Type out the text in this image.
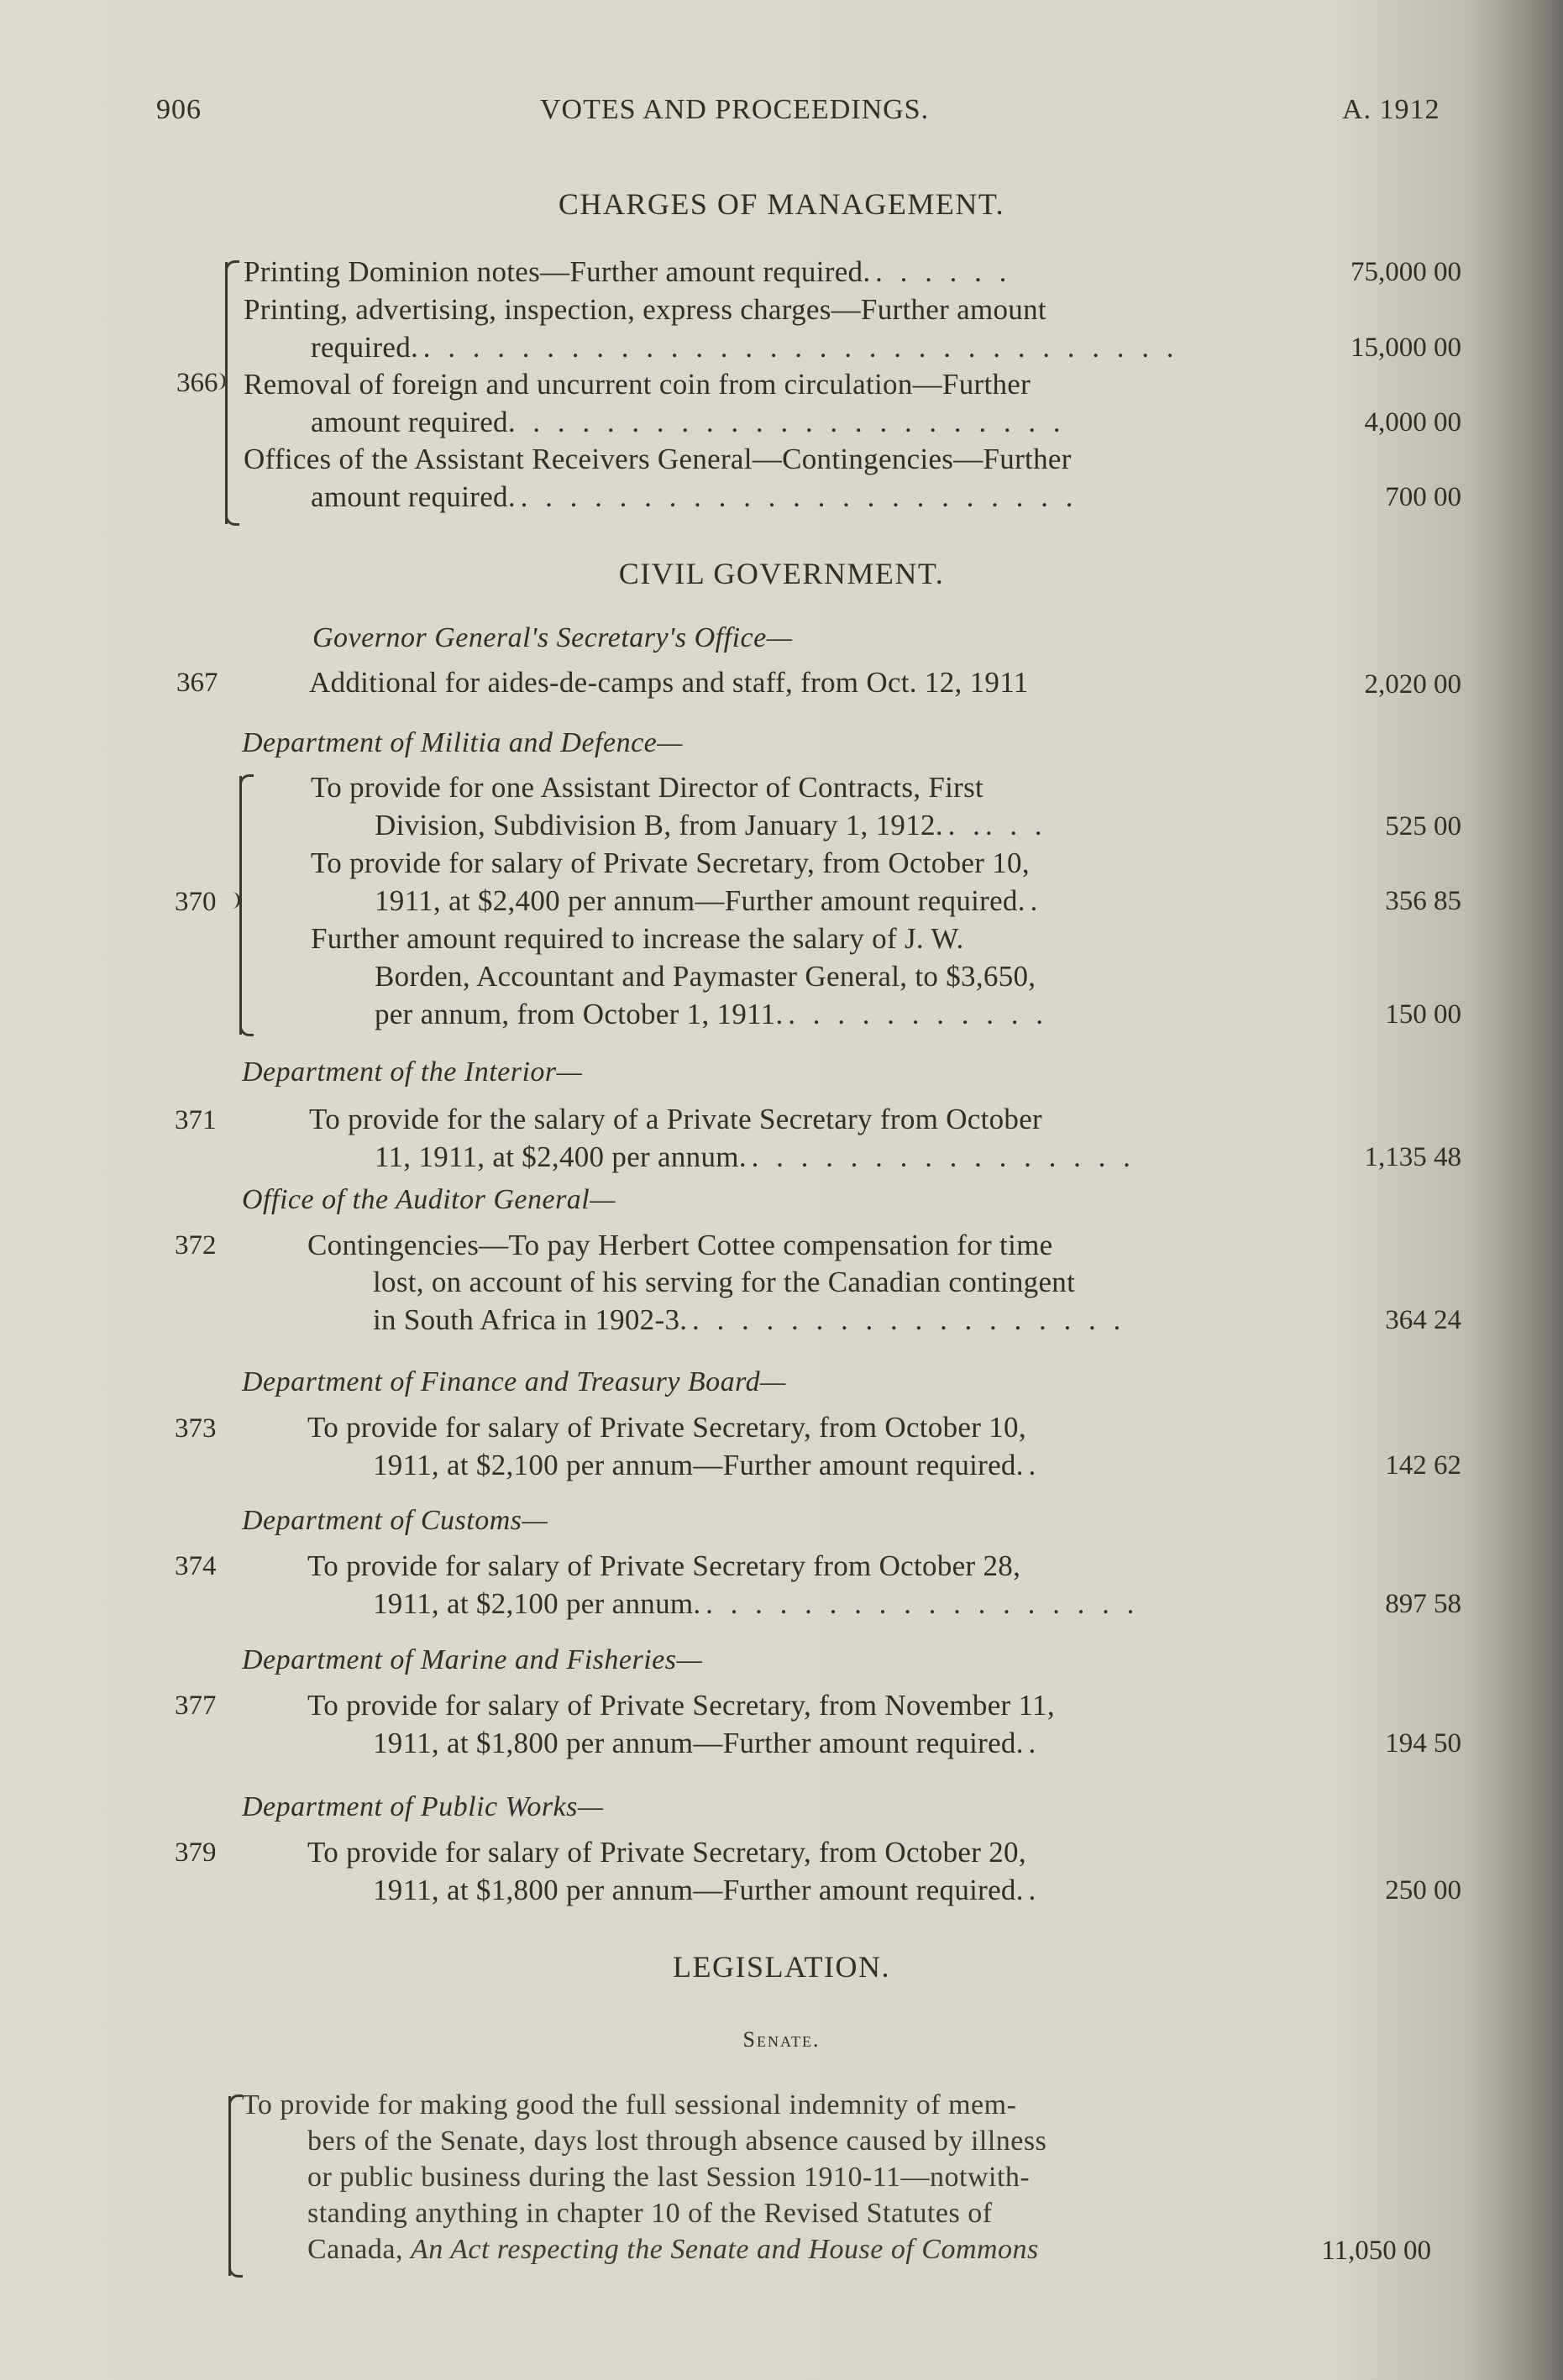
906	VOTES AND PROCEEDINGS.	A. 1912
CHARGES OF MANAGEMENT.
366
Printing Dominion notes—Further amount required.. . . . . .	75,000 00
Printing, advertising, inspection, express charges—Further amount
required.. . . . . . . . . . . . . . . . . . . . . . . . . . . . . . .	15,000 00
Removal of foreign and uncurrent coin from circulation—Further
amount required. . . . . . . . . . . . . . . . . . . . . . .	4,000 00
Offices of the Assistant Receivers General—Contingencies—Further
amount required.. . . . . . . . . . . . . . . . . . . . . . .	700 00
CIVIL GOVERNMENT.
Governor General's Secretary's Office—
367	Additional for aides-de-camps and staff, from Oct. 12, 1911	2,020 00
Department of Militia and Defence—
370
To provide for one Assistant Director of Contracts, First
Division, Subdivision B, from January 1, 1912.. .. . .	525 00
To provide for salary of Private Secretary, from October 10,
1911, at $2,400 per annum—Further amount required..	356 85
Further amount required to increase the salary of J. W.
Borden, Accountant and Paymaster General, to $3,650,
per annum, from October 1, 1911.. . . . . . . . . . .	150 00
Department of the Interior—
371	To provide for the salary of a Private Secretary from October
11, 1911, at $2,400 per annum.. . . . . . . . . . . . . . . .	1,135 48
Office of the Auditor General—
372	Contingencies—To pay Herbert Cottee compensation for time
lost, on account of his serving for the Canadian contingent
in South Africa in 1902-3.. . . . . . . . . . . . . . . . . .	364 24
Department of Finance and Treasury Board—
373	To provide for salary of Private Secretary, from October 10,
1911, at $2,100 per annum—Further amount required..	142 62
Department of Customs—
374	To provide for salary of Private Secretary from October 28,
1911, at $2,100 per annum.. . . . . . . . . . . . . . . . . .	897 58
Department of Marine and Fisheries—
377	To provide for salary of Private Secretary, from November 11,
1911, at $1,800 per annum—Further amount required..	194 50
Department of Public Works—
379	To provide for salary of Private Secretary, from October 20,
1911, at $1,800 per annum—Further amount required..	250 00
LEGISLATION.
Senate.
To provide for making good the full sessional indemnity of mem-
bers of the Senate, days lost through absence caused by illness
or public business during the last Session 1910-11—notwith-
standing anything in chapter 10 of the Revised Statutes of
Canada, An Act respecting the Senate and House of Commons	11,050 00
